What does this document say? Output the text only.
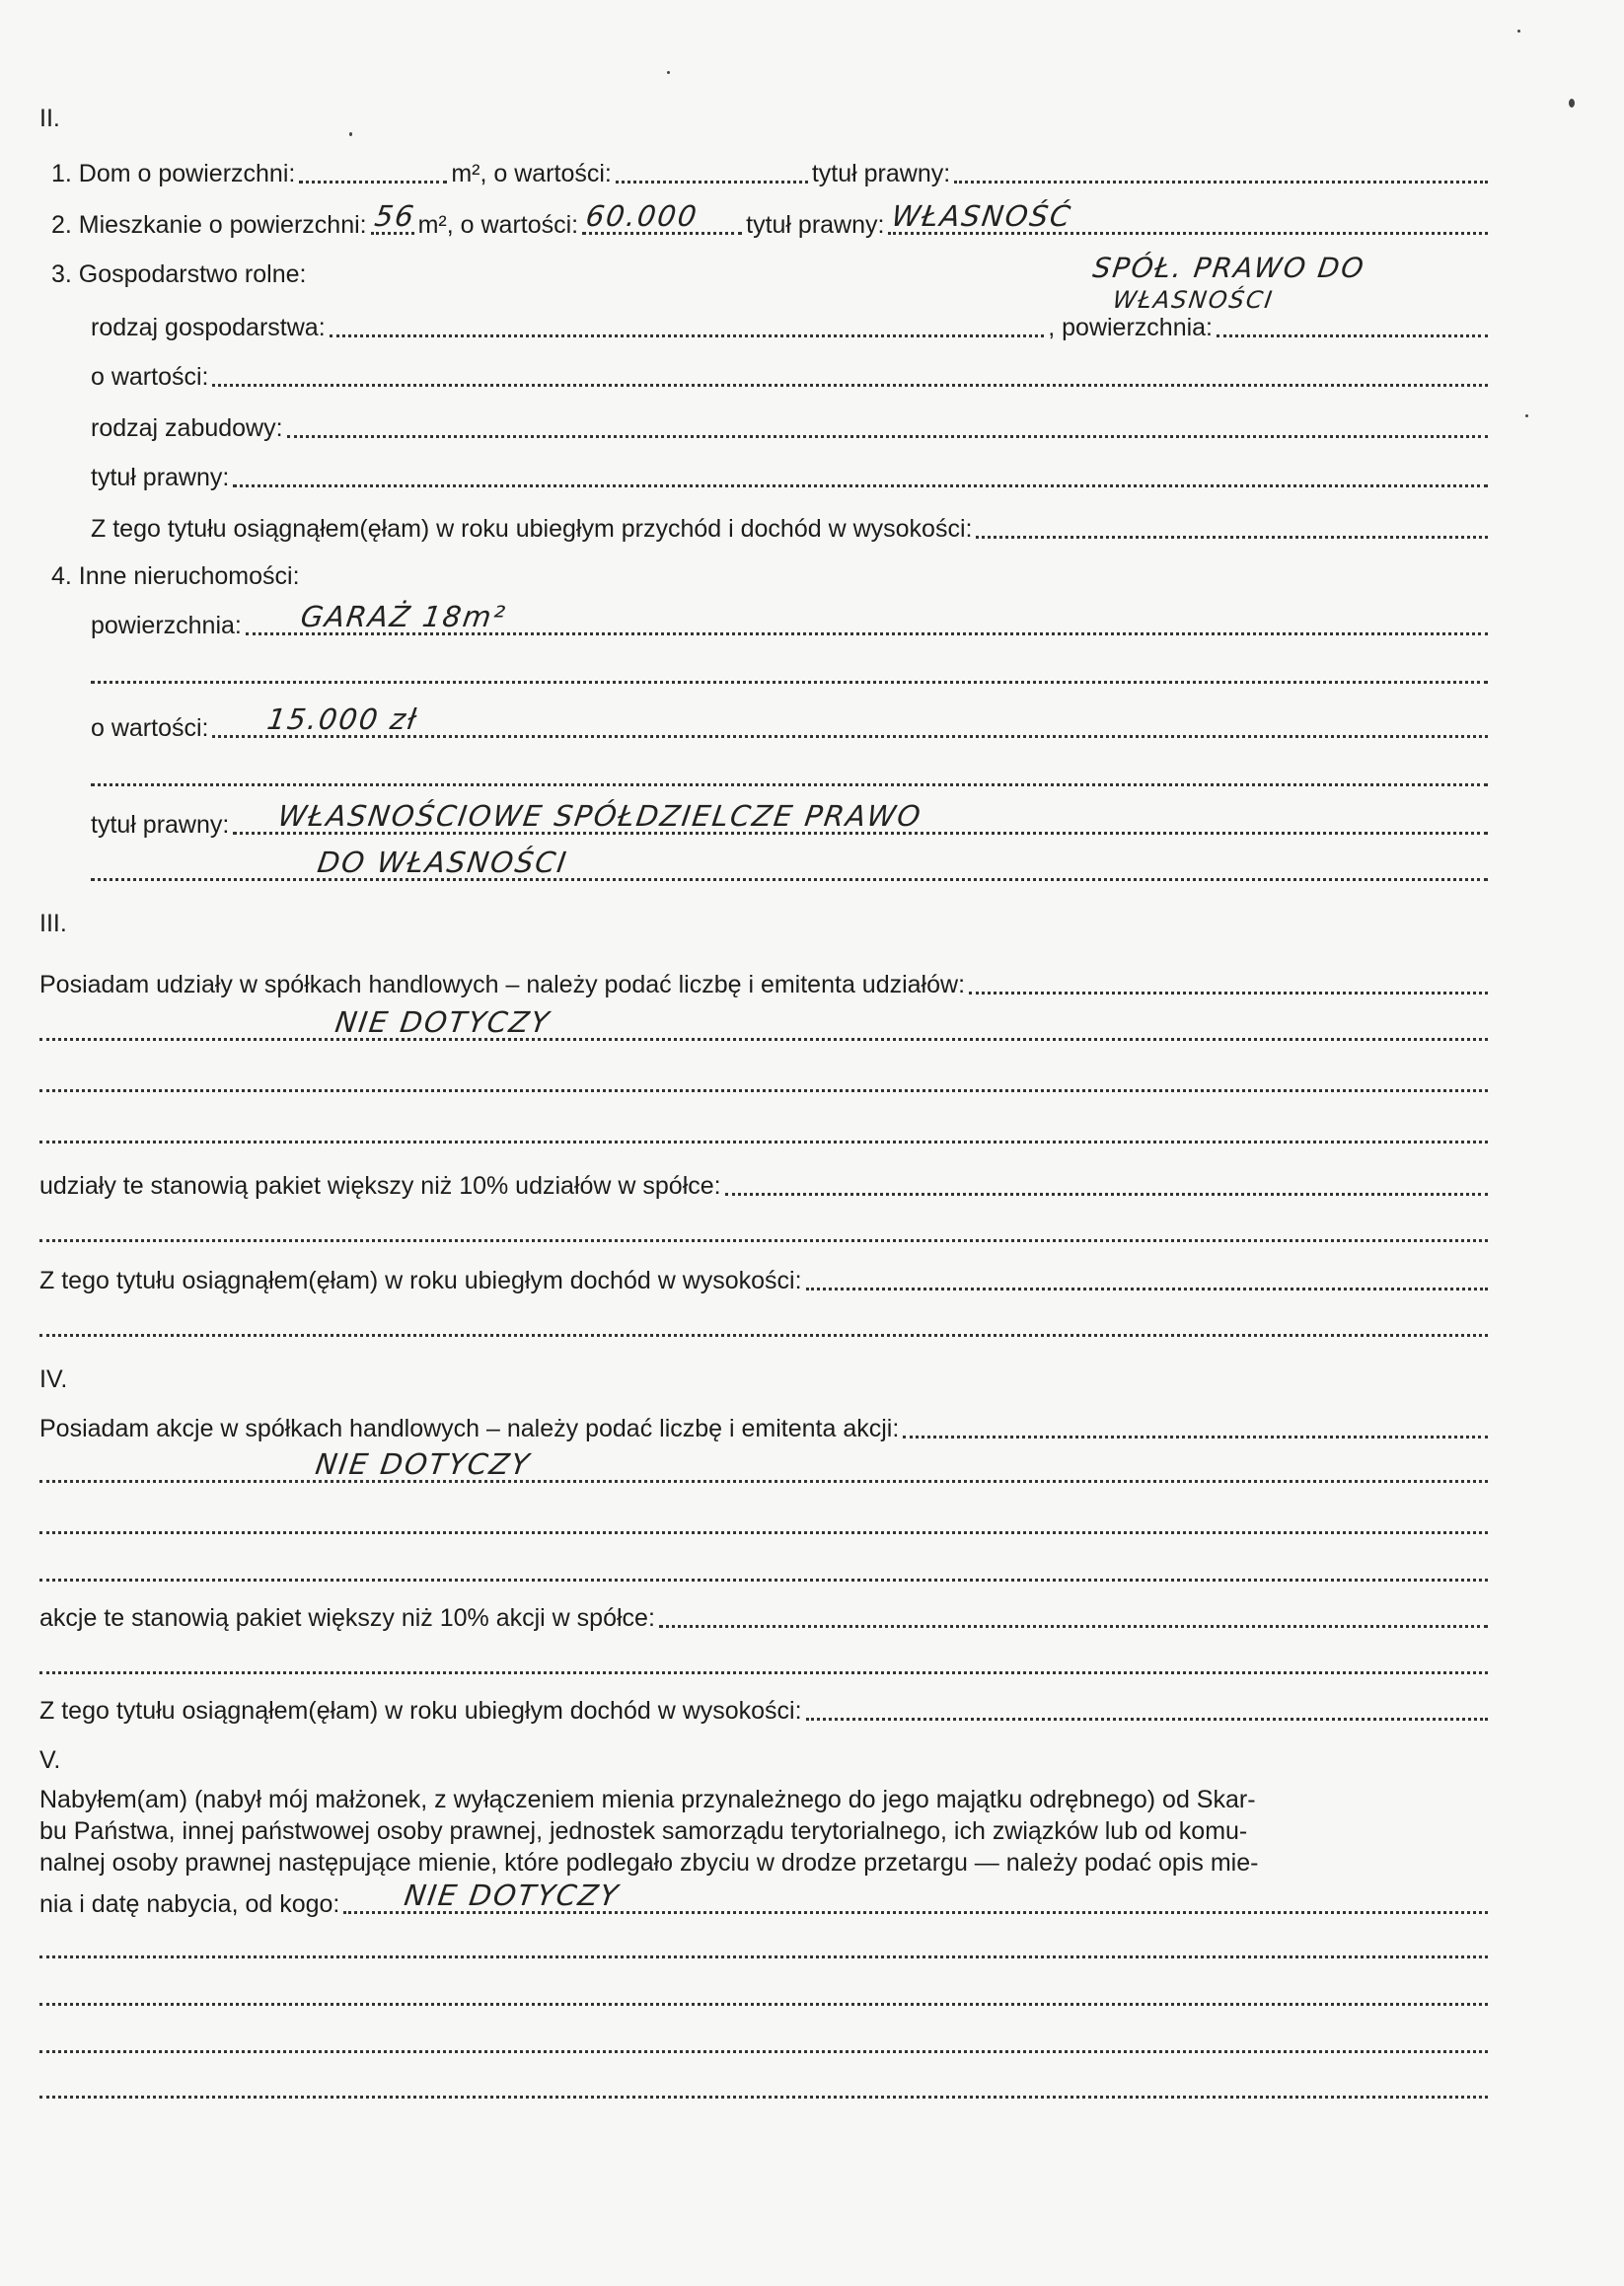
II.
1. Dom o powierzchni:	m², o wartości:	tytuł prawny:
2. Mieszkanie o powierzchni: 56 m², o wartości: 60.000 tytuł prawny: WŁASNOŚĆ
3. Gospodarstwo rolne:	SPÓŁ. PRAWO DO
WŁASNOŚCI
rodzaj gospodarstwa:	, powierzchnia:
o wartości:
rodzaj zabudowy:
tytuł prawny:
Z tego tytułu osiągnąłem(ęłam) w roku ubiegłym przychód i dochód w wysokości:
4. Inne nieruchomości:
powierzchnia: GARAŻ 18m²
o wartości: 15.000 zł
tytuł prawny: WŁASNOŚCIOWE SPÓŁDZIELCZE PRAWO
DO WŁASNOŚCI
III.
Posiadam udziały w spółkach handlowych – należy podać liczbę i emitenta udziałów:
NIE DOTYCZY
udziały te stanowią pakiet większy niż 10% udziałów w spółce:
Z tego tytułu osiągnąłem(ęłam) w roku ubiegłym dochód w wysokości:
IV.
Posiadam akcje w spółkach handlowych – należy podać liczbę i emitenta akcji:
NIE DOTYCZY
akcje te stanowią pakiet większy niż 10% akcji w spółce:
Z tego tytułu osiągnąłem(ęłam) w roku ubiegłym dochód w wysokości:
V.
Nabyłem(am) (nabył mój małżonek, z wyłączeniem mienia przynależnego do jego majątku odrębnego) od Skar-
bu Państwa, innej państwowej osoby prawnej, jednostek samorządu terytorialnego, ich związków lub od komu-
nalnej osoby prawnej następujące mienie, które podlegało zbyciu w drodze przetargu — należy podać opis mie-
nia i datę nabycia, od kogo: NIE DOTYCZY
